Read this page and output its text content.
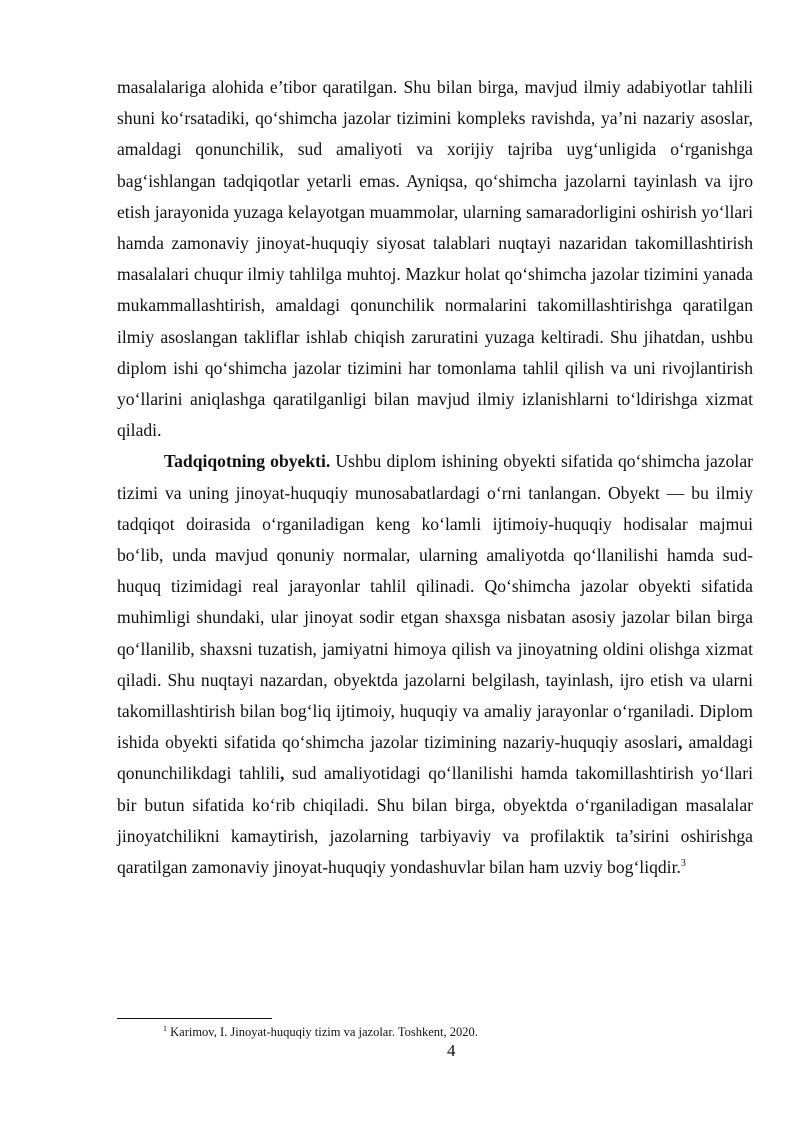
masalalariga alohida e’tibor qaratilgan. Shu bilan birga, mavjud ilmiy adabiyotlar tahlili shuni ko‘rsatadiki, qo‘shimcha jazolar tizimini kompleks ravishda, ya’ni nazariy asoslar, amaldagi qonunchilik, sud amaliyoti va xorijiy tajriba uyg‘unligida o‘rganishga bag‘ishlangan tadqiqotlar yetarli emas. Ayniqsa, qo‘shimcha jazolarni tayinlash va ijro etish jarayonida yuzaga kelayotgan muammolar, ularning samaradorligini oshirish yo‘llari hamda zamonaviy jinoyat-huquqiy siyosat talablari nuqtayi nazaridan takomillashtirish masalalari chuqur ilmiy tahlilga muhtoj. Mazkur holat qo‘shimcha jazolar tizimini yanada mukammallashtirish, amaldagi qonunchilik normalarini takomillashtirishga qaratilgan ilmiy asoslangan takliflar ishlab chiqish zaruratini yuzaga keltiradi. Shu jihatdan, ushbu diplom ishi qo‘shimcha jazolar tizimini har tomonlama tahlil qilish va uni rivojlantirish yo‘llarini aniqlashga qaratilganligi bilan mavjud ilmiy izlanishlarni to‘ldirishga xizmat qiladi.

Tadqiqotning obyekti. Ushbu diplom ishining obyekti sifatida qo‘shimcha jazolar tizimi va uning jinoyat-huquqiy munosabatlardagi o‘rni tanlangan. Obyekt — bu ilmiy tadqiqot doirasida o‘rganiladigan keng ko‘lamli ijtimoiy-huquqiy hodisalar majmui bo‘lib, unda mavjud qonuniy normalar, ularning amaliyotda qo‘llanilishi hamda sud-huquq tizimidagi real jarayonlar tahlil qilinadi. Qo‘shimcha jazolar obyekti sifatida muhimligi shundaki, ular jinoyat sodir etgan shaxsga nisbatan asosiy jazolar bilan birga qo‘llanilib, shaxsni tuzatish, jamiyatni himoya qilish va jinoyatning oldini olishga xizmat qiladi. Shu nuqtayi nazardan, obyektda jazolarni belgilash, tayinlash, ijro etish va ularni takomillashtirish bilan bog‘liq ijtimoiy, huquqiy va amaliy jarayonlar o‘rganiladi. Diplom ishida obyekti sifatida qo‘shimcha jazolar tizimining nazariy-huquqiy asoslari, amaldagi qonunchilikdagi tahlili, sud amaliyotidagi qo‘llanilishi hamda takomillashtirish yo‘llari bir butun sifatida ko‘rib chiqiladi. Shu bilan birga, obyektda o‘rganiladigan masalalar jinoyatchilikni kamaytirish, jazolarning tarbiyaviy va profilaktik ta’sirini oshirishga qaratilgan zamonaviy jinoyat-huquqiy yondashuvlar bilan ham uzviy bog‘liqdir.$^3$

$^1$ Karimov, I. Jinoyat-huquqiy tizim va jazolar. Toshkent, 2020.
4
